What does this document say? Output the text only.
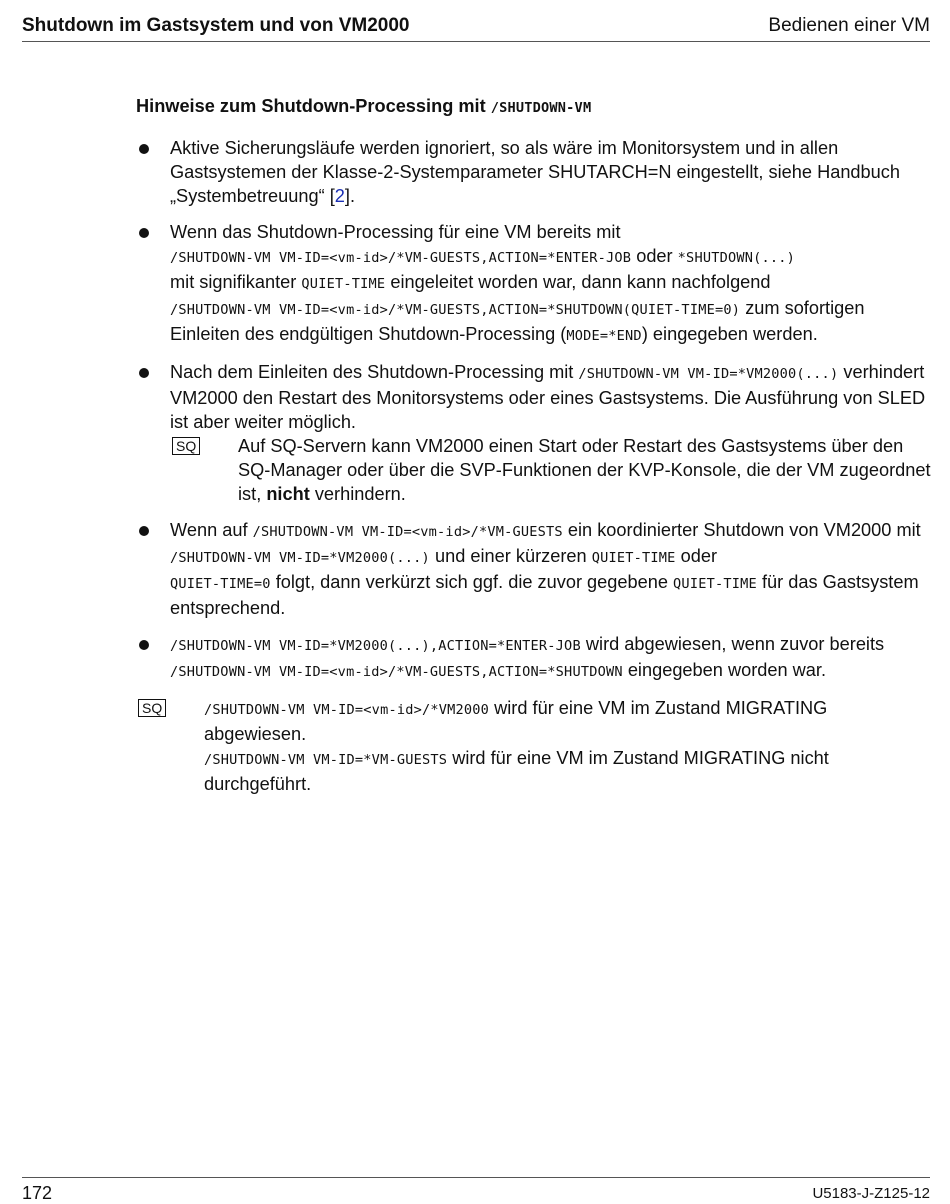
Shutdown im Gastsystem und von VM2000	Bedienen einer VM
Hinweise zum Shutdown-Processing mit /SHUTDOWN-VM
Aktive Sicherungsläufe werden ignoriert, so als wäre im Monitorsystem und in allen Gastsystemen der Klasse-2-Systemparameter SHUTARCH=N eingestellt, siehe Handbuch „Systembetreuung“ [2].
Wenn das Shutdown-Processing für eine VM bereits mit
/SHUTDOWN-VM VM-ID=<vm-id>/*VM-GUESTS,ACTION=*ENTER-JOB oder *SHUTDOWN(...)
mit signifikanter QUIET-TIME eingeleitet worden war, dann kann nachfolgend
/SHUTDOWN-VM VM-ID=<vm-id>/*VM-GUESTS,ACTION=*SHUTDOWN(QUIET-TIME=0) zum sofortigen Einleiten des endgültigen Shutdown-Processing (MODE=*END) eingegeben werden.
Nach dem Einleiten des Shutdown-Processing mit /SHUTDOWN-VM VM-ID=*VM2000(...) verhindert VM2000 den Restart des Monitorsystems oder eines Gastsystems. Die Ausführung von SLED ist aber weiter möglich.
SQ Auf SQ-Servern kann VM2000 einen Start oder Restart des Gastsystems über den SQ-Manager oder über die SVP-Funktionen der KVP-Konsole, die der VM zugeordnet ist, nicht verhindern.
Wenn auf /SHUTDOWN-VM VM-ID=<vm-id>/*VM-GUESTS ein koordinierter Shutdown von VM2000 mit /SHUTDOWN-VM VM-ID=*VM2000(...) und einer kürzeren QUIET-TIME oder
QUIET-TIME=0 folgt, dann verkürzt sich ggf. die zuvor gegebene QUIET-TIME für das Gastsystem entsprechend.
/SHUTDOWN-VM VM-ID=*VM2000(...),ACTION=*ENTER-JOB wird abgewiesen, wenn zuvor bereits /SHUTDOWN-VM VM-ID=<vm-id>/*VM-GUESTS,ACTION=*SHUTDOWN eingegeben worden war.
SQ	/SHUTDOWN-VM VM-ID=<vm-id>/*VM2000 wird für eine VM im Zustand MIGRATING abgewiesen.
/SHUTDOWN-VM VM-ID=*VM-GUESTS wird für eine VM im Zustand MIGRATING nicht durchgeführt.
172	U5183-J-Z125-12
